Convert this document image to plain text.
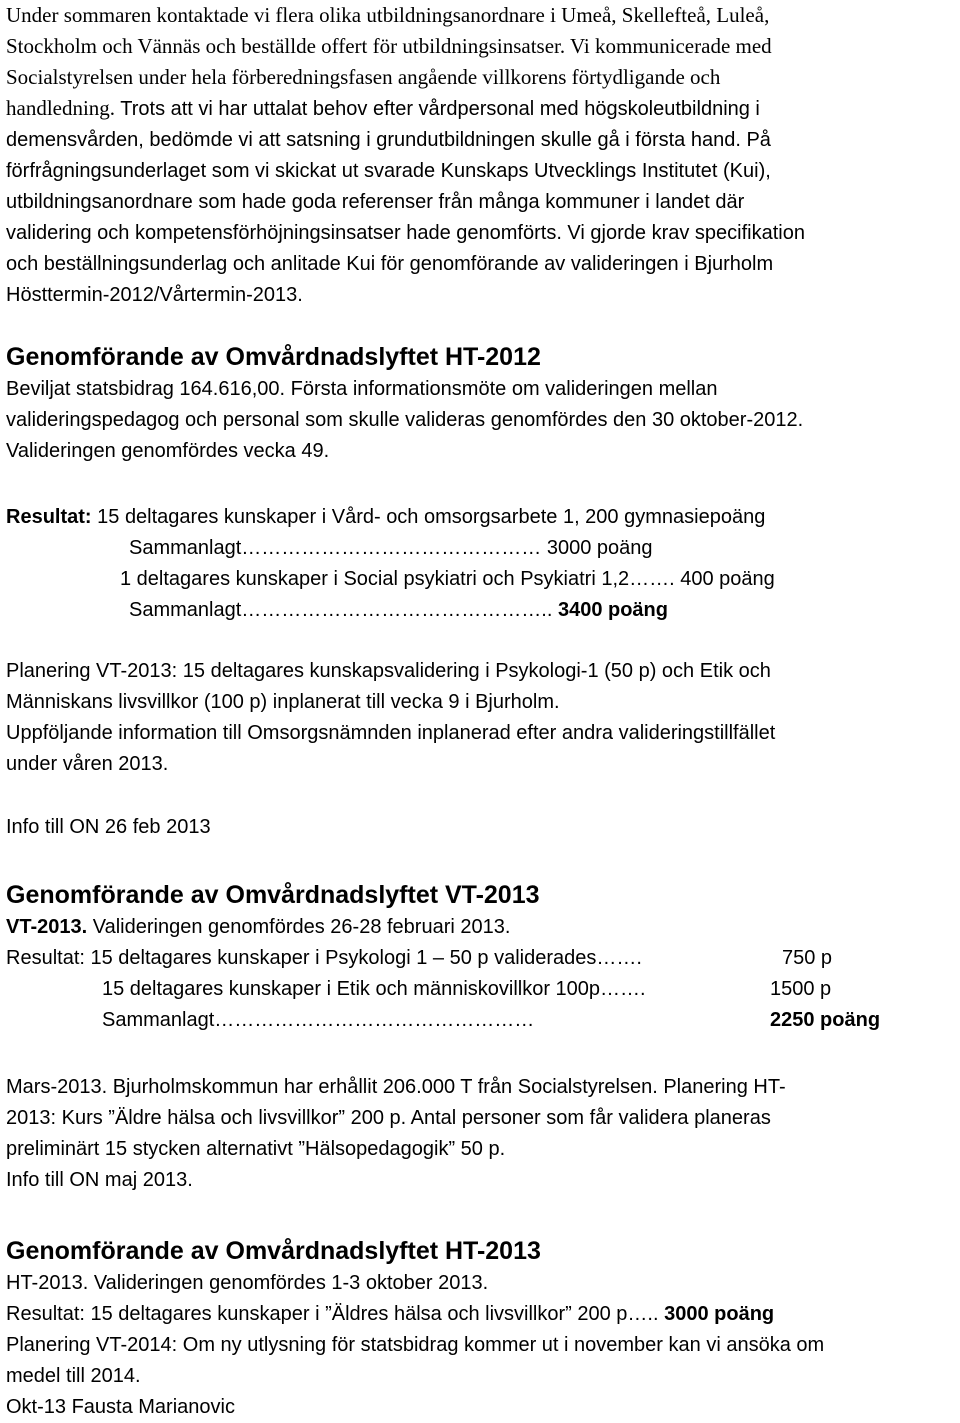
Under sommaren kontaktade vi flera olika utbildningsanordnare i Umeå, Skellefteå, Luleå,
Stockholm och Vännäs och beställde offert för utbildningsinsatser. Vi kommunicerade med
Socialstyrelsen under hela förberedningsfasen angående villkorens förtydligande och
handledning. Trots att vi har uttalat behov efter vårdpersonal med högskoleutbildning i
demensvården, bedömde vi att satsning i grundutbildningen skulle gå i första hand. På
förfrågningsunderlaget som vi skickat ut svarade Kunskaps Utvecklings Institutet (Kui),
utbildningsanordnare som hade goda referenser från många kommuner i landet där
validering och kompetensförhöjningsinsatser hade genomförts. Vi gjorde krav specifikation
och beställningsunderlag och anlitade Kui för genomförande av valideringen i Bjurholm
Hösttermin-2012/Vårtermin-2013.
Genomförande av Omvårdnadslyftet HT-2012
Beviljat statsbidrag 164.616,00. Första informationsmöte om valideringen mellan
valideringspedagog och personal som skulle valideras genomfördes den 30 oktober-2012.
Valideringen genomfördes vecka 49.
Resultat: 15 deltagares kunskaper i Vård- och omsorgsarbete 1, 200 gymnasiepoäng
Sammanlagt……………………………………… 3000 poäng
1 deltagares kunskaper i Social psykiatri och Psykiatri 1,2……. 400 poäng
Sammanlagt……………………………………….. 3400 poäng
Planering VT-2013: 15 deltagares kunskapsvalidering i Psykologi-1 (50 p) och Etik och
Människans livsvillkor (100 p) inplanerat till vecka 9 i Bjurholm.
Uppföljande information till Omsorgsnämnden inplanerad efter andra valideringstillfället
under våren 2013.
Info till ON 26 feb 2013
Genomförande av Omvårdnadslyftet VT-2013
VT-2013. Valideringen genomfördes 26-28 februari 2013.
Resultat: 15 deltagares kunskaper i Psykologi 1 – 50 p validerades…….	750 p
15 deltagares kunskaper i Etik och människovillkor 100p…….	1500 p
Sammanlagt…………………………………………	2250 poäng
Mars-2013. Bjurholmskommun har erhållit 206.000 T från Socialstyrelsen. Planering HT-
2013: Kurs ”Äldre hälsa och livsvillkor” 200 p. Antal personer som får validera planeras
preliminärt 15 stycken alternativt ”Hälsopedagogik” 50 p.
Info till ON maj 2013.
Genomförande av Omvårdnadslyftet HT-2013
HT-2013. Valideringen genomfördes 1-3 oktober 2013.
Resultat: 15 deltagares kunskaper i ”Äldres hälsa och livsvillkor” 200 p….. 3000 poäng
Planering VT-2014: Om ny utlysning för statsbidrag kommer ut i november kan vi ansöka om
medel till 2014.
Okt-13 Fausta Marianovic
